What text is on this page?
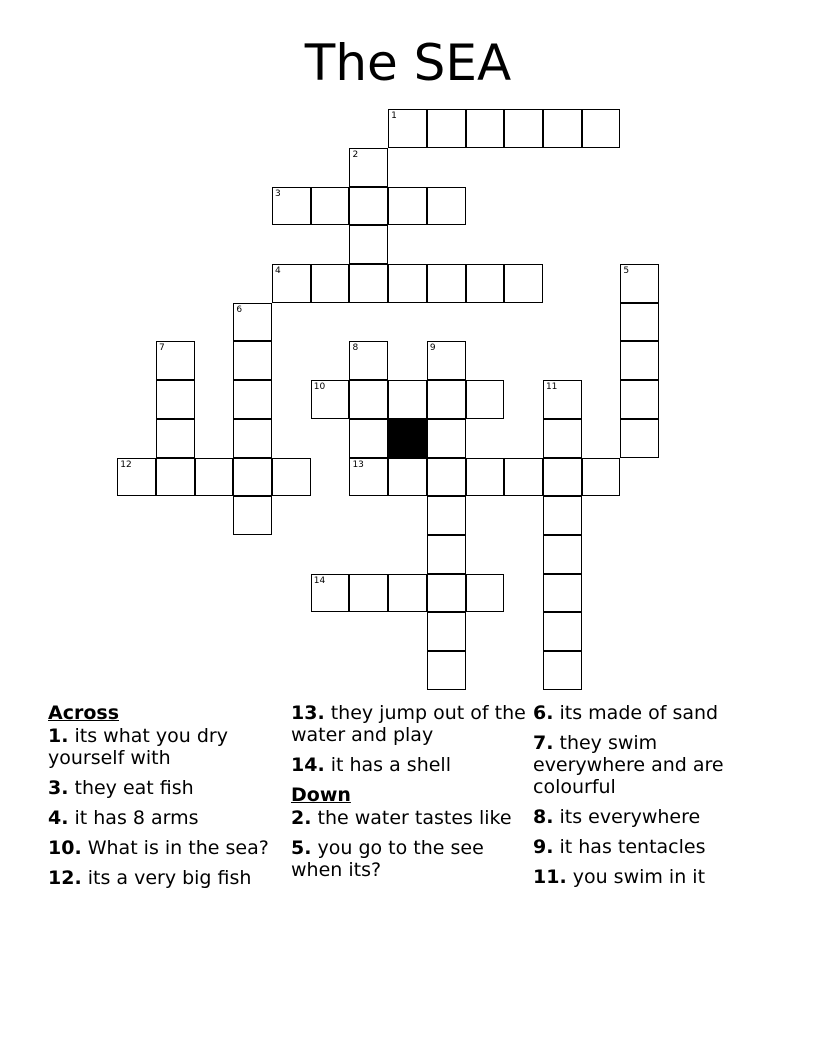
The SEA
1
2
3
4	5
6
7	8	9
10	11
12	13
14
Across
1. its what you dry yourself with
3. they eat fish
4. it has 8 arms
10. What is in the sea?
12. its a very big fish
13. they jump out of the water and play
14. it has a shell
Down
2. the water tastes like
5. you go to the see when its?
6. its made of sand
7. they swim everywhere and are colourful
8. its everywhere
9. it has tentacles
11. you swim in it
